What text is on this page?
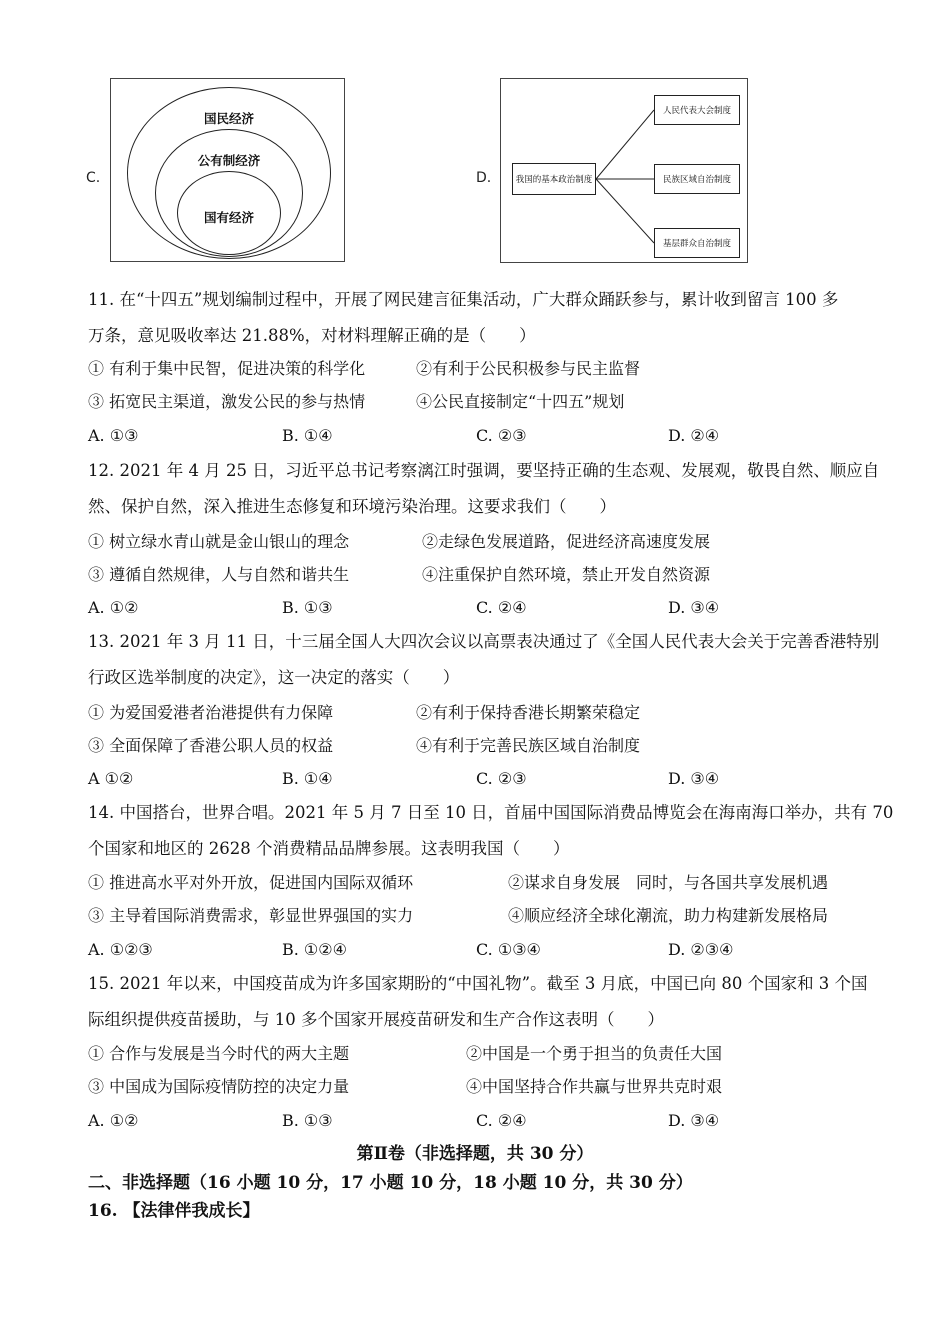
C.
国民经济
公有制经济
国有经济
D.	我国的基本政治制度
人民代表大会制度
民族区域自治制度
基层群众自治制度
11. 在“十四五”规划编制过程中，开展了网民建言征集活动，广大群众踊跃参与，累计收到留言 100 多
万条，意见吸收率达 21.88%，对材料理解正确的是（　　）
① 有利于集中民智，促进决策的科学化	②有利于公民积极参与民主监督
③ 拓宽民主渠道，激发公民的参与热情	④公民直接制定“十四五”规划
A. ①③	B. ①④	C. ②③	D. ②④
12. 2021 年 4 月 25 日，习近平总书记考察漓江时强调，要坚持正确的生态观、发展观，敬畏自然、顺应自
然、保护自然，深入推进生态修复和环境污染治理。这要求我们（　　）
① 树立绿水青山就是金山银山的理念	②走绿色发展道路，促进经济高速度发展
③ 遵循自然规律，人与自然和谐共生	④注重保护自然环境，禁止开发自然资源
A. ①②	B. ①③	C. ②④	D. ③④
13. 2021 年 3 月 11 日，十三届全国人大四次会议以高票表决通过了《全国人民代表大会关于完善香港特别
行政区选举制度的决定》，这一决定的落实（　　）
① 为爱国爱港者治港提供有力保障	②有利于保持香港长期繁荣稳定
③ 全面保障了香港公职人员的权益	④有利于完善民族区域自治制度
A ①②	B. ①④	C. ②③	D. ③④
14. 中国搭台，世界合唱。2021 年 5 月 7 日至 10 日，首届中国国际消费品博览会在海南海口举办，共有 70
个国家和地区的 2628 个消费精品品牌参展。这表明我国（　　）
① 推进高水平对外开放，促进国内国际双循环	②谋求自身发展　同时，与各国共享发展机遇
③ 主导着国际消费需求，彰显世界强国的实力	④顺应经济全球化潮流，助力构建新发展格局
A. ①②③	B. ①②④	C. ①③④	D. ②③④
15. 2021 年以来，中国疫苗成为许多国家期盼的“中国礼物”。截至 3 月底，中国已向 80 个国家和 3 个国
际组织提供疫苗援助，与 10 多个国家开展疫苗研发和生产合作这表明（　　）
① 合作与发展是当今时代的两大主题	②中国是一个勇于担当的负责任大国
③ 中国成为国际疫情防控的决定力量	④中国坚持合作共赢与世界共克时艰
A. ①②	B. ①③	C. ②④	D. ③④
第Ⅱ卷（非选择题，共 30 分）
二、非选择题（16 小题 10 分，17 小题 10 分，18 小题 10 分，共 30 分）
16. 【法律伴我成长】
